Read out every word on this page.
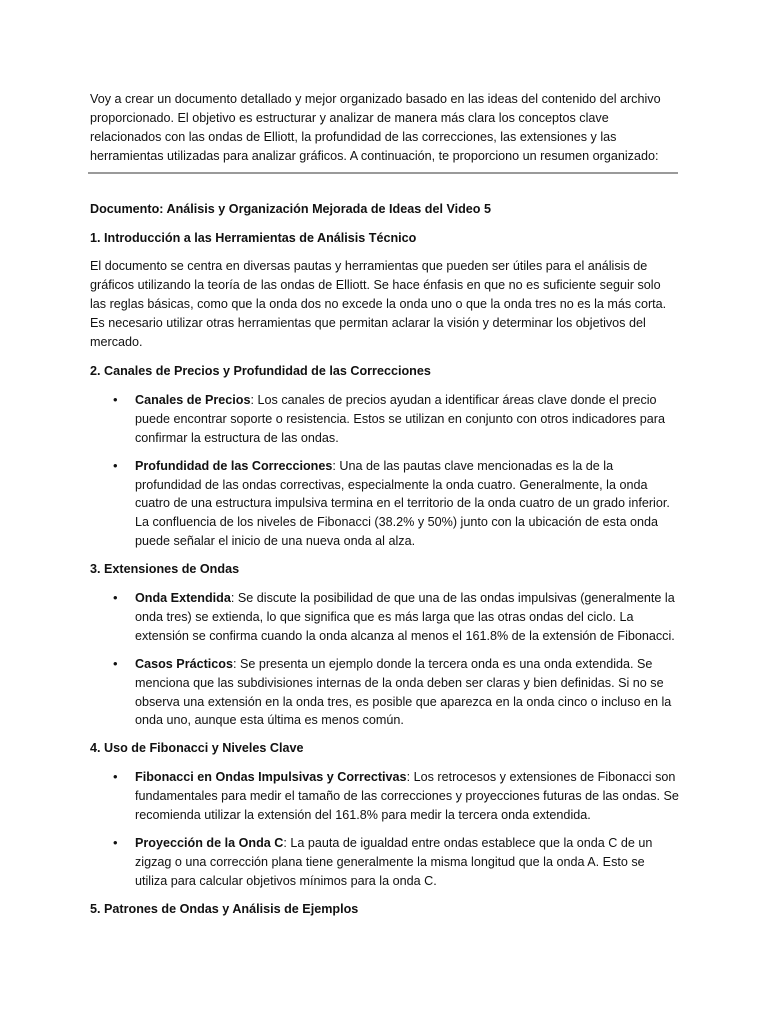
Voy a crear un documento detallado y mejor organizado basado en las ideas del contenido del archivo proporcionado. El objetivo es estructurar y analizar de manera más clara los conceptos clave relacionados con las ondas de Elliott, la profundidad de las correcciones, las extensiones y las herramientas utilizadas para analizar gráficos. A continuación, te proporciono un resumen organizado:

Documento: Análisis y Organización Mejorada de Ideas del Video 5

1. Introducción a las Herramientas de Análisis Técnico

El documento se centra en diversas pautas y herramientas que pueden ser útiles para el análisis de gráficos utilizando la teoría de las ondas de Elliott. Se hace énfasis en que no es suficiente seguir solo las reglas básicas, como que la onda dos no excede la onda uno o que la onda tres no es la más corta. Es necesario utilizar otras herramientas que permitan aclarar la visión y determinar los objetivos del mercado.

2. Canales de Precios y Profundidad de las Correcciones

• Canales de Precios: Los canales de precios ayudan a identificar áreas clave donde el precio puede encontrar soporte o resistencia. Estos se utilizan en conjunto con otros indicadores para confirmar la estructura de las ondas.
• Profundidad de las Correcciones: Una de las pautas clave mencionadas es la de la profundidad de las ondas correctivas, especialmente la onda cuatro. Generalmente, la onda cuatro de una estructura impulsiva termina en el territorio de la onda cuatro de un grado inferior. La confluencia de los niveles de Fibonacci (38.2% y 50%) junto con la ubicación de esta onda puede señalar el inicio de una nueva onda al alza.

3. Extensiones de Ondas

• Onda Extendida: Se discute la posibilidad de que una de las ondas impulsivas (generalmente la onda tres) se extienda, lo que significa que es más larga que las otras ondas del ciclo. La extensión se confirma cuando la onda alcanza al menos el 161.8% de la extensión de Fibonacci.
• Casos Prácticos: Se presenta un ejemplo donde la tercera onda es una onda extendida. Se menciona que las subdivisiones internas de la onda deben ser claras y bien definidas. Si no se observa una extensión en la onda tres, es posible que aparezca en la onda cinco o incluso en la onda uno, aunque esta última es menos común.

4. Uso de Fibonacci y Niveles Clave

• Fibonacci en Ondas Impulsivas y Correctivas: Los retrocesos y extensiones de Fibonacci son fundamentales para medir el tamaño de las correcciones y proyecciones futuras de las ondas. Se recomienda utilizar la extensión del 161.8% para medir la tercera onda extendida.
• Proyección de la Onda C: La pauta de igualdad entre ondas establece que la onda C de un zigzag o una corrección plana tiene generalmente la misma longitud que la onda A. Esto se utiliza para calcular objetivos mínimos para la onda C.

5. Patrones de Ondas y Análisis de Ejemplos
